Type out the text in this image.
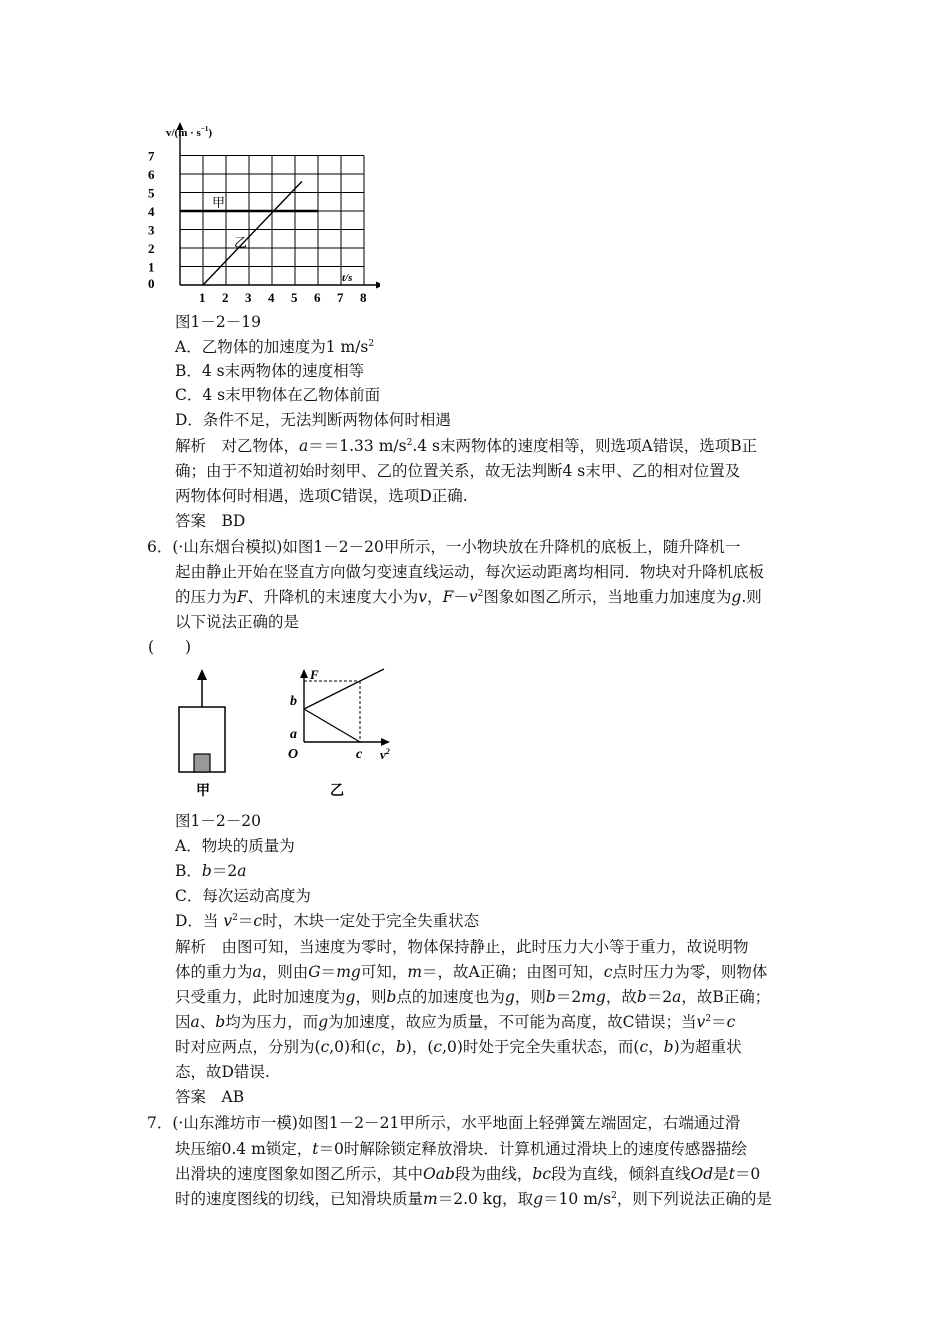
$v/(m \cdot s^{-1})$
t/s
7
6
5
4
3
2
1
1 2 3 4 5 6 7 8
0
甲
乙
图1－2－19
A．乙物体的加速度为1 $m/s^2$
B．4 s末两物体的速度相等
C．4 s末甲物体在乙物体前面
D．条件不足，无法判断两物体何时相遇
解析　对乙物体，a＝＝1.33 $m/s^2.4$ s末两物体的速度相等，则选项A错误，选项B正
确；由于不知道初始时刻甲、乙的位置关系，故无法判断4 s末甲、乙的相对位置及
两物体何时相遇，选项C错误，选项D正确.
答案　BD
6．(·山东烟台模拟)如图1－2－20甲所示，一小物块放在升降机的底板上，随升降机一
起由静止开始在竖直方向做匀变速直线运动，每次运动距离均相同．物块对升降机底板
的压力为F、升降机的末速度大小为v，$F-v^2$图象如图乙所示，当地重力加速度为g.则
以下说法正确的是
(　　)
甲
F
b
a
O	c $v^2$
乙
图1－2－20
A．物块的质量为
B．b＝2a
C．每次运动高度为
D．当 $v^2=c$时，木块一定处于完全失重状态
解析　由图可知，当速度为零时，物体保持静止，此时压力大小等于重力，故说明物
体的重力为a，则由G＝mg可知，m＝，故A正确；由图可知，c点时压力为零，则物体
只受重力，此时加速度为g，则b点的加速度也为g，则b＝2mg，故b＝2a，故B正确；
因a、b均为压力，而g为加速度，故应为质量，不可能为高度，故C错误；当$v^2=c$
时对应两点，分别为(c,0)和(c，b)，(c,0)时处于完全失重状态，而(c，b)为超重状
态，故D错误.
答案　AB
7．(·山东潍坊市一模)如图1－2－21甲所示，水平地面上轻弹簧左端固定，右端通过滑
块压缩0.4 m锁定，t＝0时解除锁定释放滑块．计算机通过滑块上的速度传感器描绘
出滑块的速度图象如图乙所示，其中Oab段为曲线，bc段为直线，倾斜直线Od是t＝0
时的速度图线的切线，已知滑块质量m＝2.0 kg，取g＝10 $m/s^2$，则下列说法正确的是
